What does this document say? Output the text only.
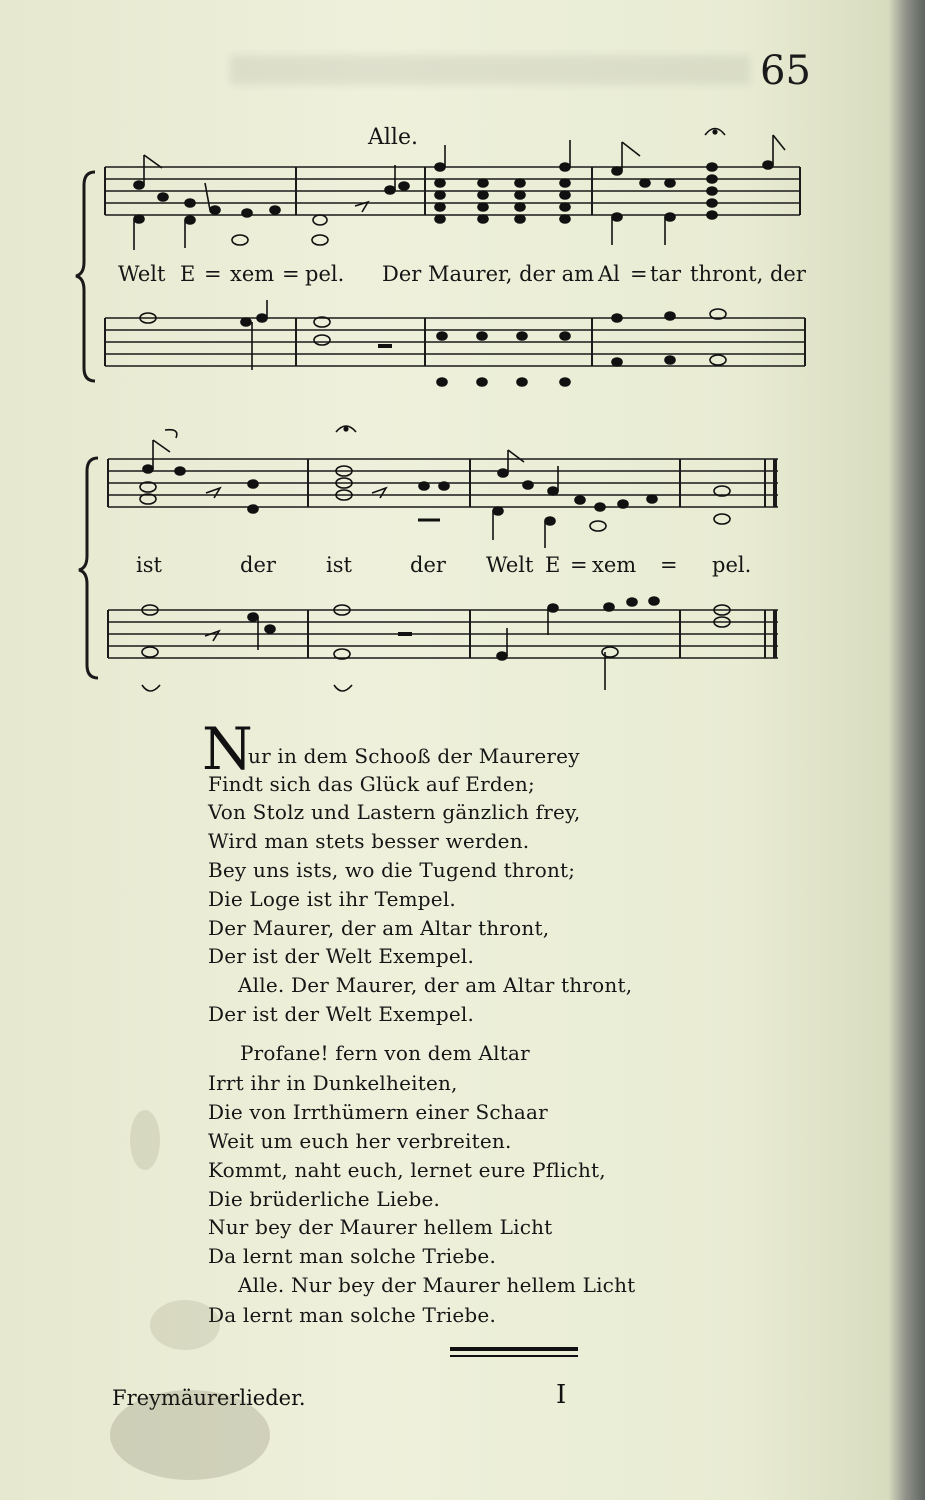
65
Alle.
Welt E = xem = pel. Der Maurer, der am Al = tar thront, der
ist	der ist	der Welt E = xem = pel.
N
ur in dem Schooß der Maurerey
Findt sich das Glück auf Erden;
Von Stolz und Lastern gänzlich frey,
Wird man stets besser werden.
Bey uns ists, wo die Tugend thront;
Die Loge ist ihr Tempel.
Der Maurer, der am Altar thront,
Der ist der Welt Exempel.
Alle. Der Maurer, der am Altar thront,
Der ist der Welt Exempel.
Profane! fern von dem Altar
Irrt ihr in Dunkelheiten,
Die von Irrthümern einer Schaar
Weit um euch her verbreiten.
Kommt, naht euch, lernet eure Pflicht,
Die brüderliche Liebe.
Nur bey der Maurer hellem Licht
Da lernt man solche Triebe.
Alle. Nur bey der Maurer hellem Licht
Da lernt man solche Triebe.
Freymäurerlieder.	I
